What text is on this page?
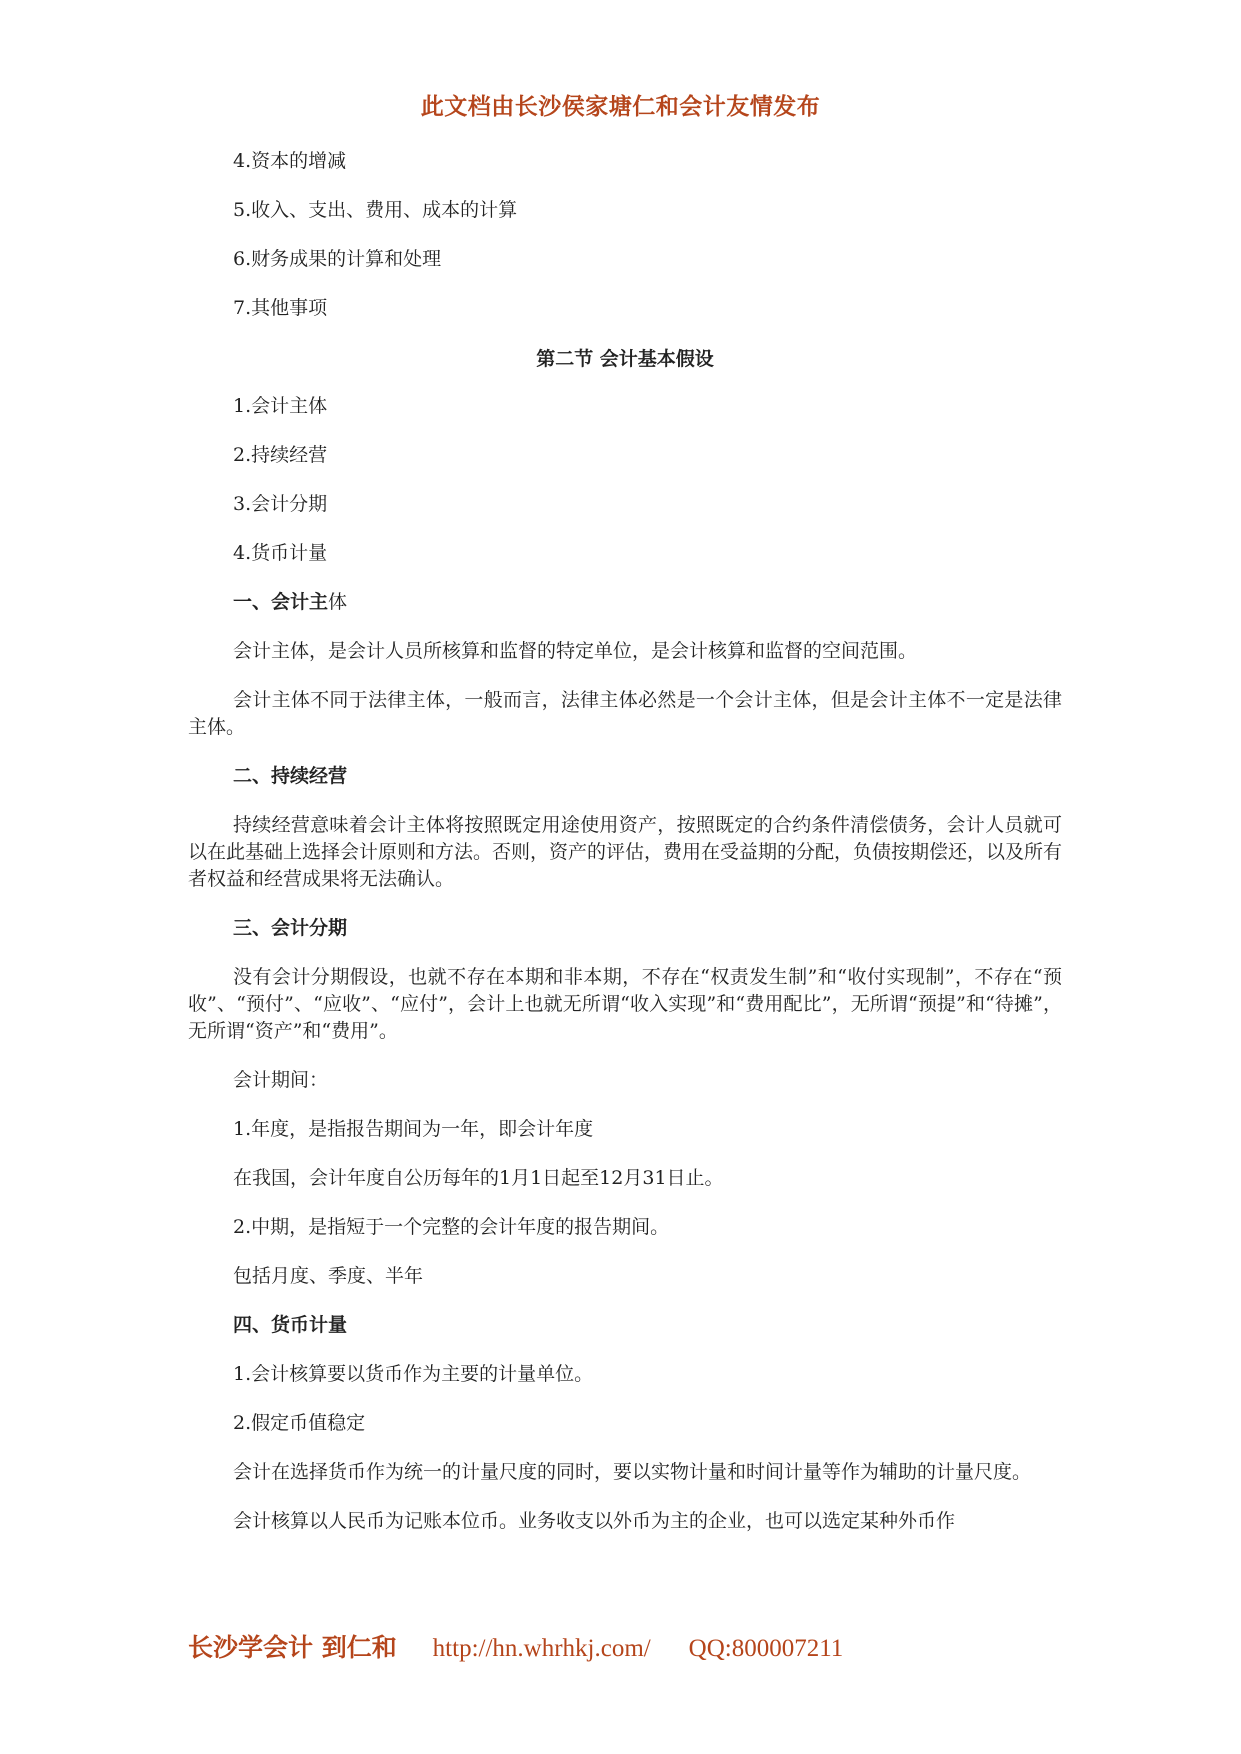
此文档由长沙侯家塘仁和会计友情发布

4.资本的增减

5.收入、支出、费用、成本的计算

6.财务成果的计算和处理

7.其他事项

第二节 会计基本假设

1.会计主体

2.持续经营

3.会计分期

4.货币计量

一、会计主体

会计主体，是会计人员所核算和监督的特定单位，是会计核算和监督的空间范围。

会计主体不同于法律主体，一般而言，法律主体必然是一个会计主体，但是会计主体不一定是法律主体。

二、持续经营

持续经营意味着会计主体将按照既定用途使用资产，按照既定的合约条件清偿债务，会计人员就可以在此基础上选择会计原则和方法。否则，资产的评估，费用在受益期的分配，负债按期偿还，以及所有者权益和经营成果将无法确认。

三、会计分期

没有会计分期假设，也就不存在本期和非本期，不存在“权责发生制”和“收付实现制”，不存在“预收”、“预付”、“应收”、“应付”，会计上也就无所谓“收入实现”和“费用配比”，无所谓“预提”和“待摊”，无所谓“资产”和“费用”。

会计期间：

1.年度，是指报告期间为一年，即会计年度

在我国，会计年度自公历每年的1月1日起至12月31日止。

2.中期，是指短于一个完整的会计年度的报告期间。

包括月度、季度、半年

四、货币计量

1.会计核算要以货币作为主要的计量单位。

2.假定币值稳定

会计在选择货币作为统一的计量尺度的同时，要以实物计量和时间计量等作为辅助的计量尺度。

会计核算以人民币为记账本位币。业务收支以外币为主的企业，也可以选定某种外币作

长沙学会计 到仁和 http://hn.whrhkj.com/ QQ:800007211
